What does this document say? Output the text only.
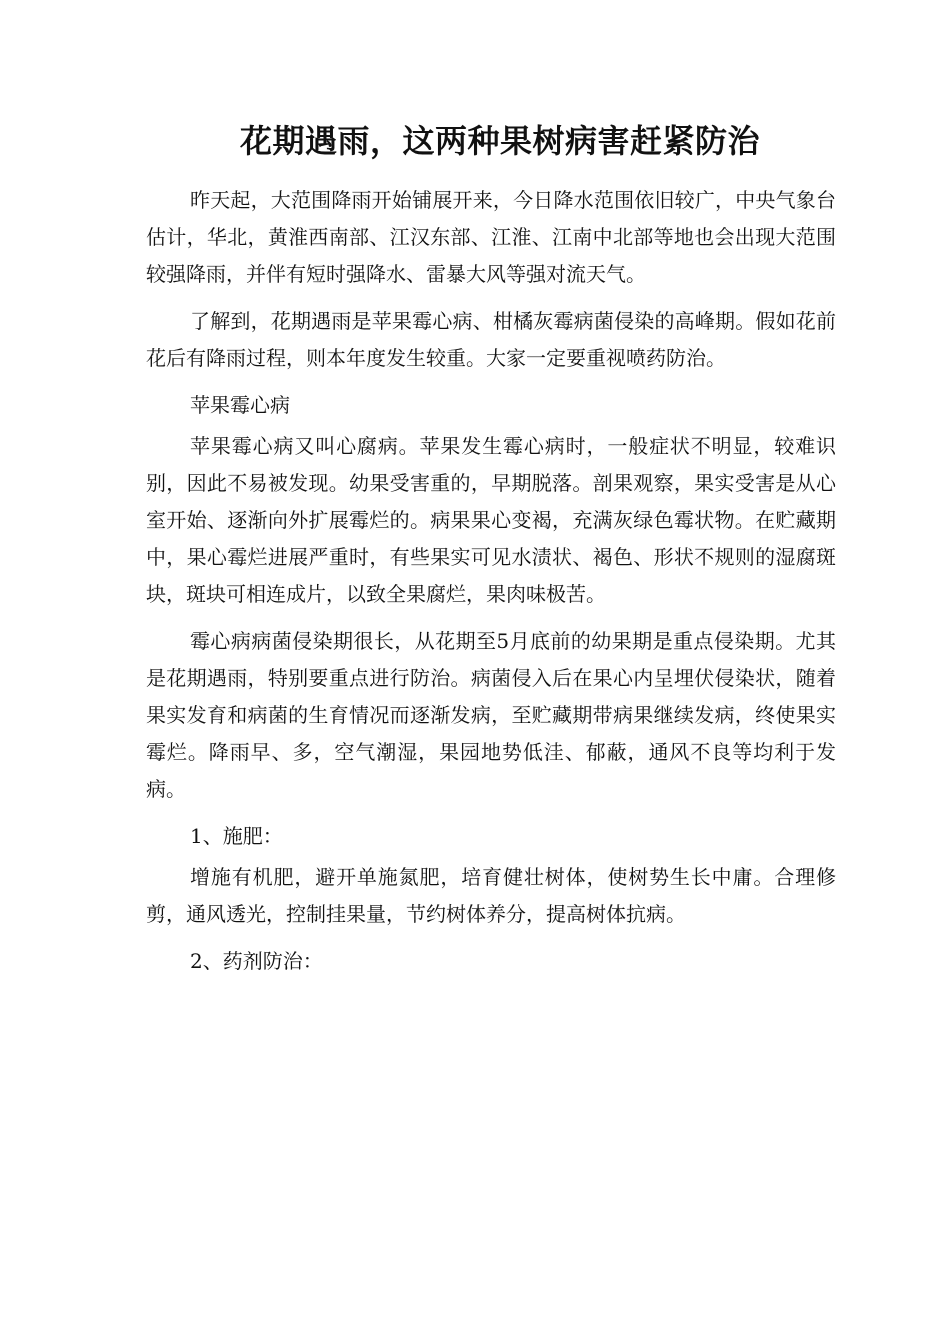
花期遇雨，这两种果树病害赶紧防治

昨天起，大范围降雨开始铺展开来，今日降水范围依旧较广，中央气象台估计，华北，黄淮西南部、江汉东部、江淮、江南中北部等地也会出现大范围较强降雨，并伴有短时强降水、雷暴大风等强对流天气。

了解到，花期遇雨是苹果霉心病、柑橘灰霉病菌侵染的高峰期。假如花前花后有降雨过程，则本年度发生较重。大家一定要重视喷药防治。

苹果霉心病

苹果霉心病又叫心腐病。苹果发生霉心病时，一般症状不明显，较难识别，因此不易被发现。幼果受害重的，早期脱落。剖果观察，果实受害是从心室开始、逐渐向外扩展霉烂的。病果果心变褐，充满灰绿色霉状物。在贮藏期中，果心霉烂进展严重时，有些果实可见水渍状、褐色、形状不规则的湿腐斑块，斑块可相连成片，以致全果腐烂，果肉味极苦。

霉心病病菌侵染期很长，从花期至5月底前的幼果期是重点侵染期。尤其是花期遇雨，特别要重点进行防治。病菌侵入后在果心内呈埋伏侵染状，随着果实发育和病菌的生育情况而逐渐发病，至贮藏期带病果继续发病，终使果实霉烂。降雨早、多，空气潮湿，果园地势低洼、郁蔽，通风不良等均利于发病。

1、施肥：

增施有机肥，避开单施氮肥，培育健壮树体，使树势生长中庸。合理修剪，通风透光，控制挂果量，节约树体养分，提高树体抗病。

2、药剂防治：
